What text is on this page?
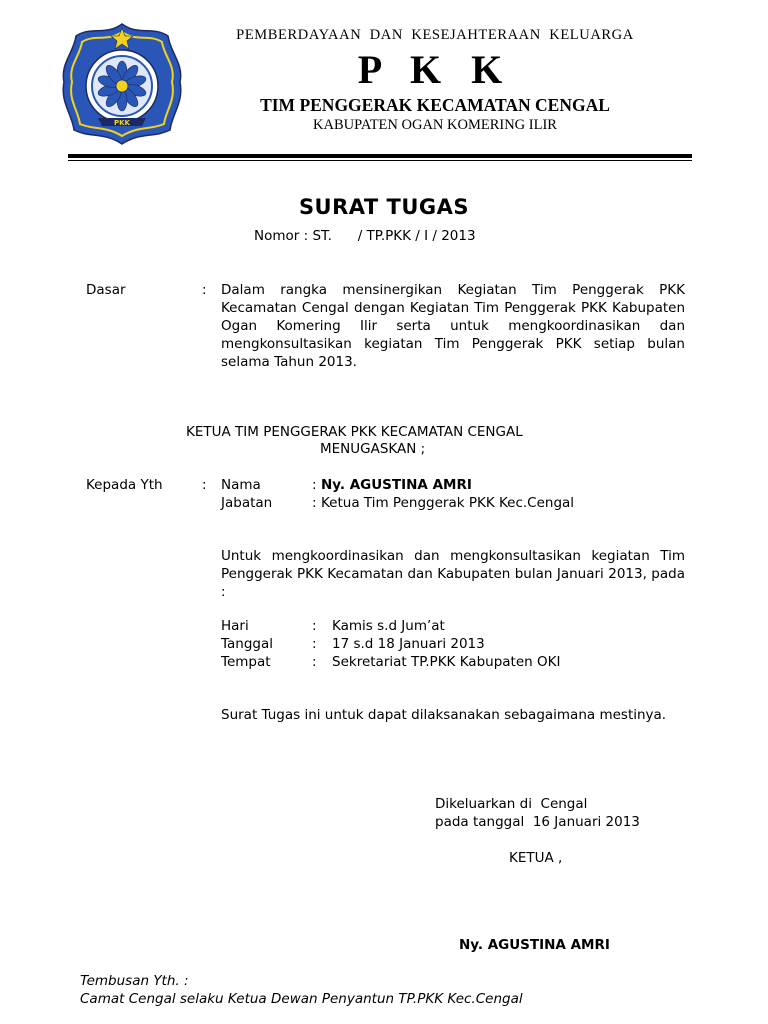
PKK
PEMBERDAYAAN  DAN  KESEJAHTERAAN  KELUARGA
P K K
TIM PENGGERAK KECAMATAN CENGAL
KABUPATEN OGAN KOMERING ILIR
SURAT TUGAS
Nomor : ST.      / TP.PKK / I / 2013
Dasar	: Dalam rangka mensinergikan Kegiatan Tim Penggerak PKK Kecamatan Cengal dengan Kegiatan Tim Penggerak PKK Kabupaten Ogan Komering Ilir serta untuk mengkoordinasikan dan mengkonsultasikan kegiatan Tim Penggerak PKK setiap bulan selama Tahun 2013.
KETUA TIM PENGGERAK PKK KECAMATAN CENGAL
MENUGASKAN ;
Kepada Yth	: Nama	: Ny. AGUSTINA AMRI
Jabatan	: Ketua Tim Penggerak PKK Kec.Cengal
Untuk mengkoordinasikan dan mengkonsultasikan kegiatan Tim Penggerak PKK Kecamatan dan Kabupaten bulan Januari 2013, pada :
Hari	: Kamis s.d Jum’at
Tanggal	: 17 s.d 18 Januari 2013
Tempat	: Sekretariat TP.PKK Kabupaten OKI
Surat Tugas ini untuk dapat dilaksanakan sebagaimana mestinya.
Dikeluarkan di  Cengal
pada tanggal  16 Januari 2013
KETUA ,
Ny. AGUSTINA AMRI
Tembusan Yth. :
Camat Cengal selaku Ketua Dewan Penyantun TP.PKK Kec.Cengal
